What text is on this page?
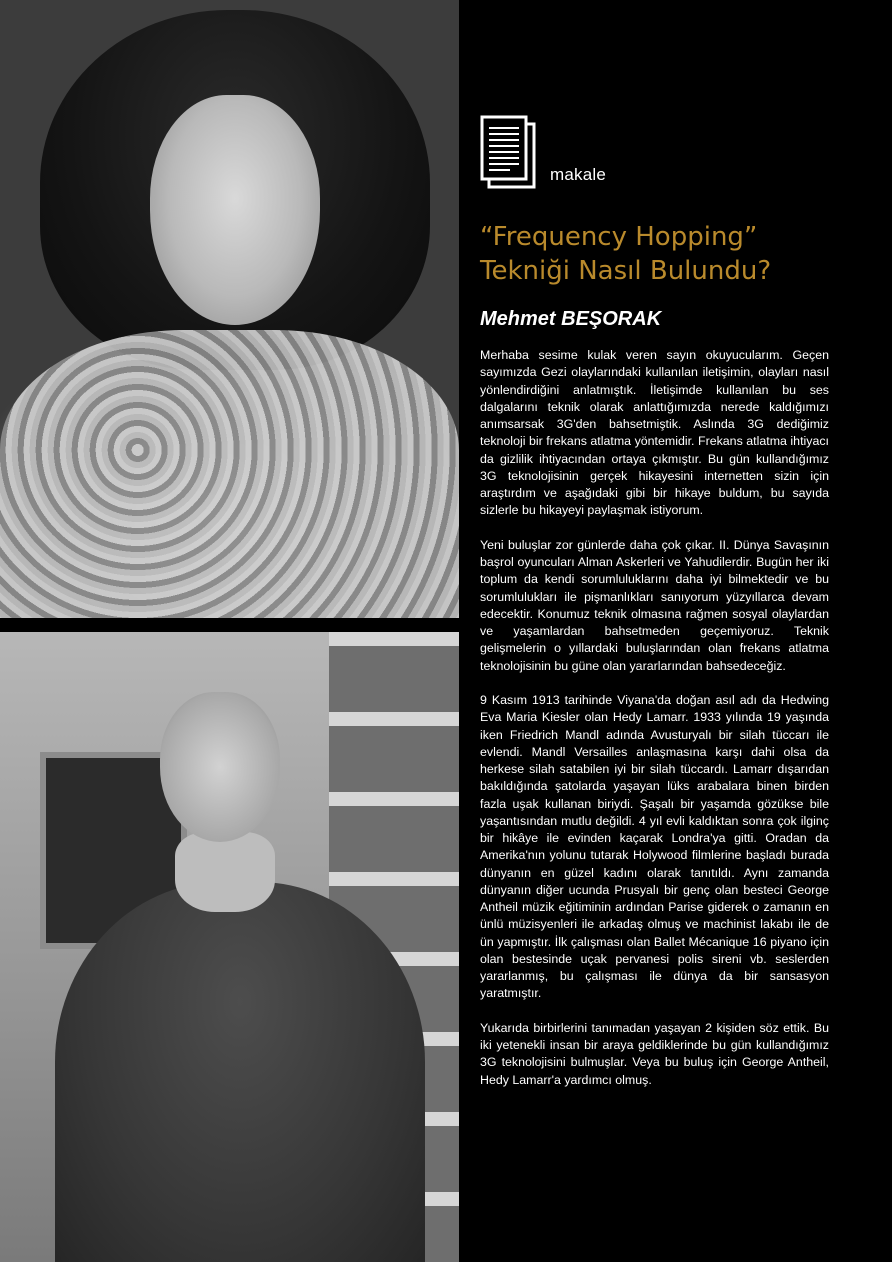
makale
“Frequency Hopping”
Tekniği Nasıl Bulundu?
Mehmet BEŞORAK

Merhaba sesime kulak veren sayın okuyucularım. Geçen sayımızda Gezi olaylarındaki kullanılan iletişimin, olayları nasıl yönlendirdiğini anlatmıştık. İletişimde kullanılan bu ses dalgalarını teknik olarak anlattığımızda nerede kaldığımızı anımsarsak 3G'den bahsetmiştik. Aslında 3G dediğimiz teknoloji bir frekans atlatma yöntemidir. Frekans atlatma ihtiyacı da gizlilik ihtiyacından ortaya çıkmıştır. Bu gün kullandığımız 3G teknolojisinin gerçek hikayesini internetten sizin için araştırdım ve aşağıdaki gibi bir hikaye buldum, bu sayıda sizlerle bu hikayeyi paylaşmak istiyorum.

Yeni buluşlar zor günlerde daha çok çıkar. II. Dünya Savaşının başrol oyuncuları Alman Askerleri ve Yahudilerdir. Bugün her iki toplum da kendi sorumluluklarını daha iyi bilmektedir ve bu sorumlulukları ile pişmanlıkları sanıyorum yüzyıllarca devam edecektir. Konumuz teknik olmasına rağmen sosyal olaylardan ve yaşamlardan bahsetmeden geçemiyoruz. Teknik gelişmelerin o yıllardaki buluşlarından olan frekans atlatma teknolojisinin bu güne olan yararlarından bahsedeceğiz.

9 Kasım 1913 tarihinde Viyana'da doğan asıl adı da Hedwing Eva Maria Kiesler olan Hedy Lamarr. 1933 yılında 19 yaşında iken Friedrich Mandl adında Avusturyalı bir silah tüccarı ile evlendi. Mandl Versailles anlaşmasına karşı dahi olsa da herkese silah satabilen iyi bir silah tüccardı. Lamarr dışarıdan bakıldığında şatolarda yaşayan lüks arabalara binen birden fazla uşak kullanan biriydi. Şaşalı bir yaşamda gözükse bile yaşantısından mutlu değildi. 4 yıl evli kaldıktan sonra çok ilginç bir hikâye ile evinden kaçarak Londra'ya gitti. Oradan da Amerika'nın yolunu tutarak Holywood filmlerine başladı burada dünyanın en güzel kadını olarak tanıtıldı. Aynı zamanda dünyanın diğer ucunda Prusyalı bir genç olan besteci George Antheil müzik eğitiminin ardından Parise giderek o zamanın en ünlü müzisyenleri ile arkadaş olmuş ve machinist lakabı ile de ün yapmıştır. İlk çalışması olan Ballet Mécanique 16 piyano için olan bestesinde uçak pervanesi polis sireni vb. seslerden yararlanmış, bu çalışması ile dünya da bir sansasyon yaratmıştır.

Yukarıda birbirlerini tanımadan yaşayan 2 kişiden söz ettik. Bu iki yetenekli insan bir araya geldiklerinde bu gün kullandığımız 3G teknolojisini bulmuşlar. Veya bu buluş için George Antheil, Hedy Lamarr'a yardımcı olmuş.
